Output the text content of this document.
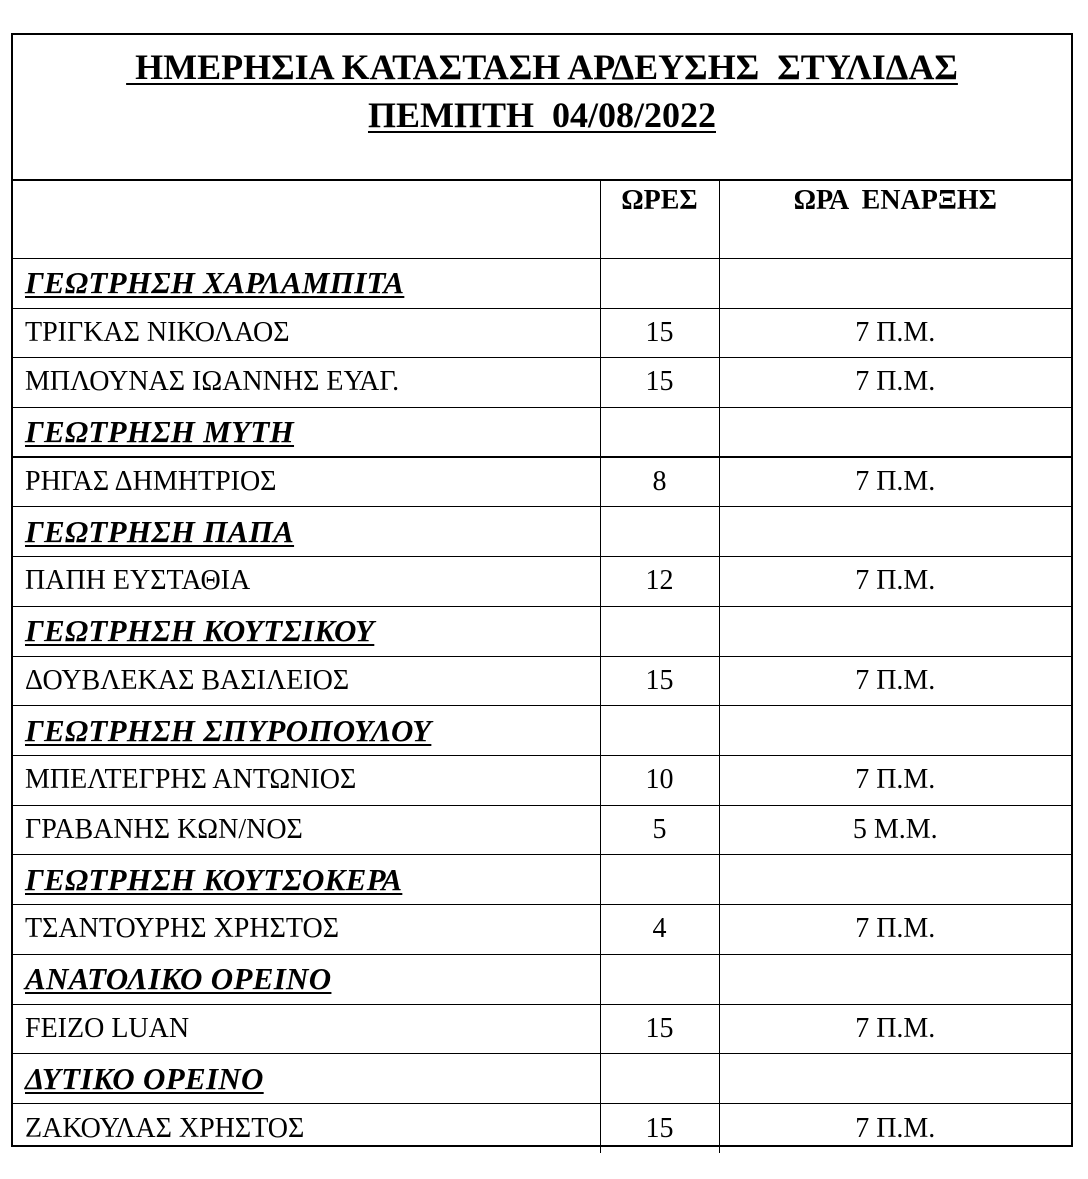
ΗΜΕΡΗΣΙΑ ΚΑΤΑΣΤΑΣΗ ΑΡΔΕΥΣΗΣ  ΣΤΥΛΙΔΑΣ
ΠΕΜΠΤΗ  04/08/2022
	ΩΡΕΣ	ΩΡΑ  ΕΝΑΡΞΗΣ
ΓΕΩΤΡΗΣΗ ΧΑΡΛΑΜΠΙΤΑ		
ΤΡΙΓΚΑΣ ΝΙΚΟΛΑΟΣ	15	7 Π.Μ.
ΜΠΛΟΥΝΑΣ ΙΩΑΝΝΗΣ ΕΥΑΓ.	15	7 Π.Μ.
ΓΕΩΤΡΗΣΗ ΜΥΤΗ		
ΡΗΓΑΣ ΔΗΜΗΤΡΙΟΣ	8	7 Π.Μ.
ΓΕΩΤΡΗΣΗ ΠΑΠΑ		
ΠΑΠΗ ΕΥΣΤΑΘΙΑ	12	7 Π.Μ.
ΓΕΩΤΡΗΣΗ ΚΟΥΤΣΙΚΟΥ		
ΔΟΥΒΛΕΚΑΣ ΒΑΣΙΛΕΙΟΣ	15	7 Π.Μ.
ΓΕΩΤΡΗΣΗ ΣΠΥΡΟΠΟΥΛΟΥ		
ΜΠΕΛΤΕΓΡΗΣ ΑΝΤΩΝΙΟΣ	10	7 Π.Μ.
ΓΡΑΒΑΝΗΣ ΚΩΝ/ΝΟΣ	5	5 Μ.Μ.
ΓΕΩΤΡΗΣΗ ΚΟΥΤΣΟΚΕΡΑ		
ΤΣΑΝΤΟΥΡΗΣ ΧΡΗΣΤΟΣ	4	7 Π.Μ.
ΑΝΑΤΟΛΙΚΟ ΟΡΕΙΝΟ		
FEIZO LUAN	15	7 Π.Μ.
ΔΥΤΙΚΟ ΟΡΕΙΝΟ		
ΖΑΚΟΥΛΑΣ ΧΡΗΣΤΟΣ	15	7 Π.Μ.
